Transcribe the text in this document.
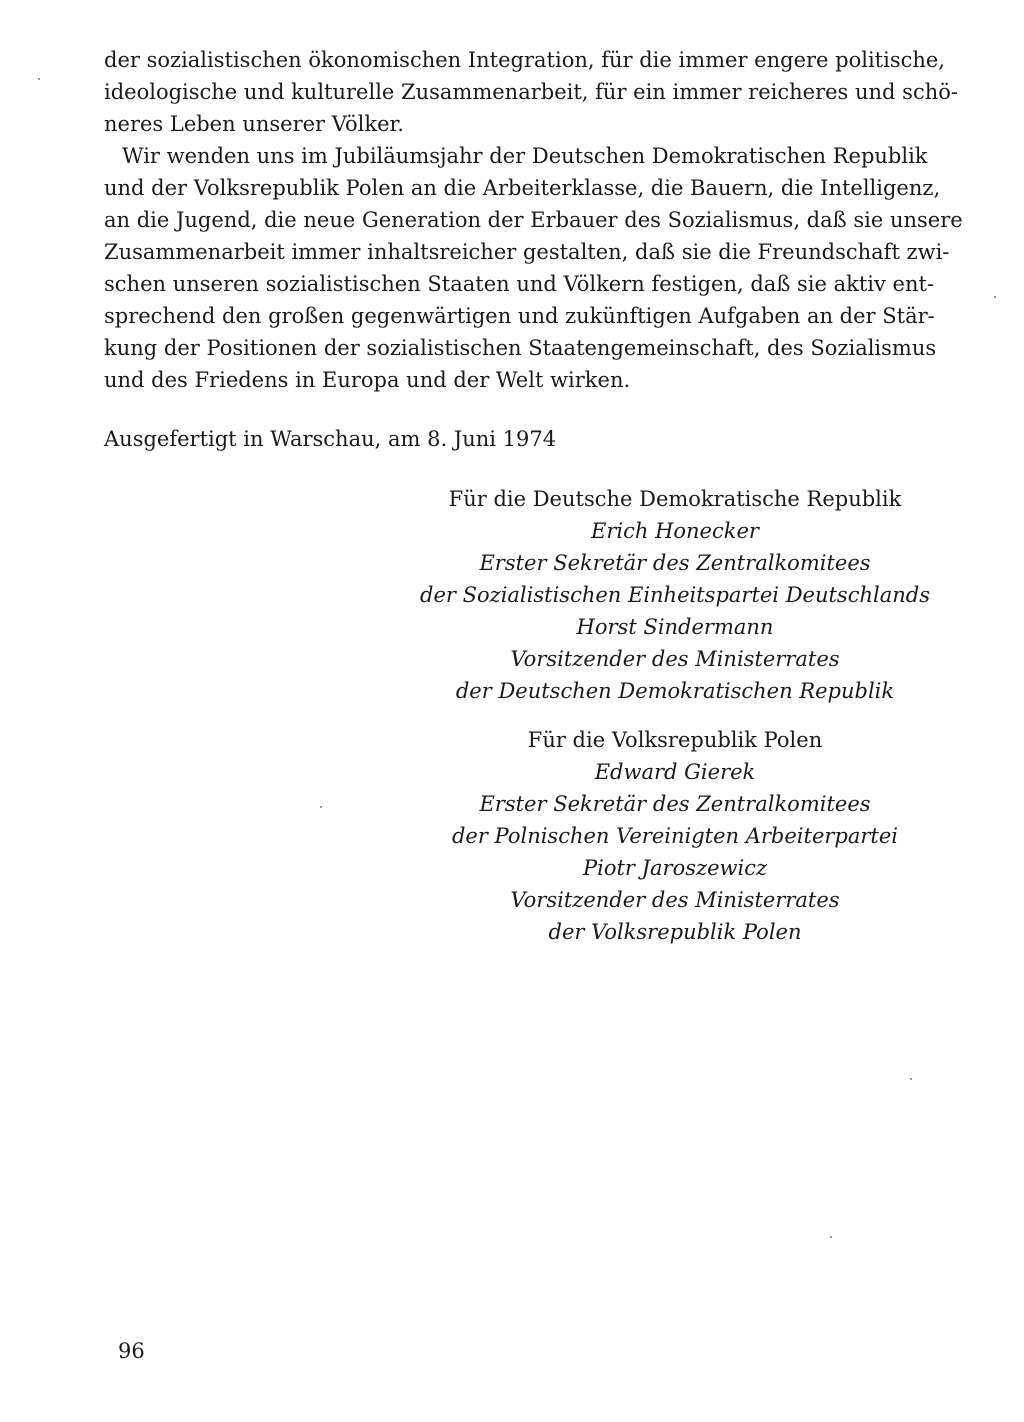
der sozialistischen ökonomischen Integration, für die immer engere politische,
ideologische und kulturelle Zusammenarbeit, für ein immer reicheres und schö-
neres Leben unserer Völker.
Wir wenden uns im Jubiläumsjahr der Deutschen Demokratischen Republik
und der Volksrepublik Polen an die Arbeiterklasse, die Bauern, die Intelligenz,
an die Jugend, die neue Generation der Erbauer des Sozialismus, daß sie unsere
Zusammenarbeit immer inhaltsreicher gestalten, daß sie die Freundschaft zwi-
schen unseren sozialistischen Staaten und Völkern festigen, daß sie aktiv ent-
sprechend den großen gegenwärtigen und zukünftigen Aufgaben an der Stär-
kung der Positionen der sozialistischen Staatengemeinschaft, des Sozialismus
und des Friedens in Europa und der Welt wirken.
Ausgefertigt in Warschau, am 8. Juni 1974
Für die Deutsche Demokratische Republik
Erich Honecker
Erster Sekretär des Zentralkomitees
der Sozialistischen Einheitspartei Deutschlands
Horst Sindermann
Vorsitzender des Ministerrates
der Deutschen Demokratischen Republik
Für die Volksrepublik Polen
Edward Gierek
Erster Sekretär des Zentralkomitees
der Polnischen Vereinigten Arbeiterpartei
Piotr Jaroszewicz
Vorsitzender des Ministerrates
der Volksrepublik Polen
96
